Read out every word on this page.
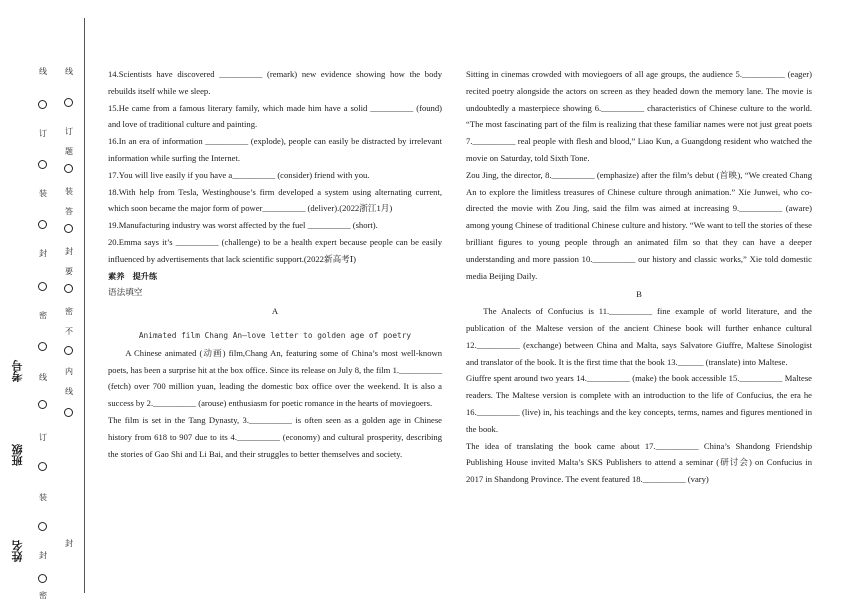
线
订
题
装
答
封
要
密
不
内
线
封
线
订
装
封
密
线
订
装
封
密
考号
班级
姓名

14.Scientists have discovered __________ (remark) new evidence showing how the body rebuilds itself while we sleep.

15.He came from a famous literary family, which made him have a solid __________ (found) and love of traditional culture and painting.

16.In an era of information __________ (explode), people can easily be distracted by irrelevant information while surfing the Internet.

17.You will live easily if you have a__________ (consider) friend with you.

18.With help from Tesla, Westinghouse’s firm developed a system using alternating current, which soon became the major form of power__________ (deliver).(2022浙江1月)

19.Manufacturing industry was worst affected by the fuel __________ (short).

20.Emma says it’s __________ (challenge) to be a health expert because people can be easily influenced by advertisements that lack scientific support.(2022新高考Ⅰ)

素养　提升练

语法填空

A

Animated film Chang An—love letter to golden age of poetry

A Chinese animated (动画) film,Chang An, featuring some of China’s most well-known poets, has been a surprise hit at the box office. Since its release on July 8, the film 1.__________ (fetch) over 700 million yuan, leading the domestic box office over the weekend. It is also a success by 2.__________ (arouse) enthusiasm for poetic romance in the hearts of moviegoers.

The film is set in the Tang Dynasty, 3.__________ is often seen as a golden age in Chinese history from 618 to 907 due to its 4.__________ (economy) and cultural prosperity, describing the stories of Gao Shi and Li Bai, and their struggles to better themselves and society.

Sitting in cinemas crowded with moviegoers of all age groups, the audience 5.__________ (eager) recited poetry alongside the actors on screen as they headed down the memory lane. The movie is undoubtedly a masterpiece showing 6.__________ characteristics of Chinese culture to the world. “The most fascinating part of the film is realizing that these familiar names were not just great poets 7.__________ real people with flesh and blood,” Liao Kun, a Guangdong resident who watched the movie on Saturday, told Sixth Tone.

Zou Jing, the director, 8.__________ (emphasize) after the film’s debut (首映), “We created Chang An to explore the limitless treasures of Chinese culture through animation.” Xie Junwei, who co-directed the movie with Zou Jing, said the film was aimed at increasing 9.__________ (aware) among young Chinese of traditional Chinese culture and history. “We want to tell the stories of these brilliant figures to young people through an animated film so that they can have a deeper understanding and more passion 10.__________ our history and classic works,” Xie told domestic media Beijing Daily.

B

The Analects of Confucius is 11.__________ fine example of world literature, and the publication of the Maltese version of the ancient Chinese book will further enhance cultural 12.__________ (exchange) between China and Malta, says Salvatore Giuffre, Maltese Sinologist and translator of the book. It is the first time that the book 13.______ (translate) into Maltese.

Giuffre spent around two years 14.__________ (make) the book accessible 15.__________ Maltese readers. The Maltese version is complete with an introduction to the life of Confucius, the era he 16.__________ (live) in, his teachings and the key concepts, terms, names and figures mentioned in the book.

The idea of translating the book came about 17.__________ China’s Shandong Friendship Publishing House invited Malta’s SKS Publishers to attend a seminar (研讨会) on Confucius in 2017 in Shandong Province. The event featured 18.__________ (vary)
